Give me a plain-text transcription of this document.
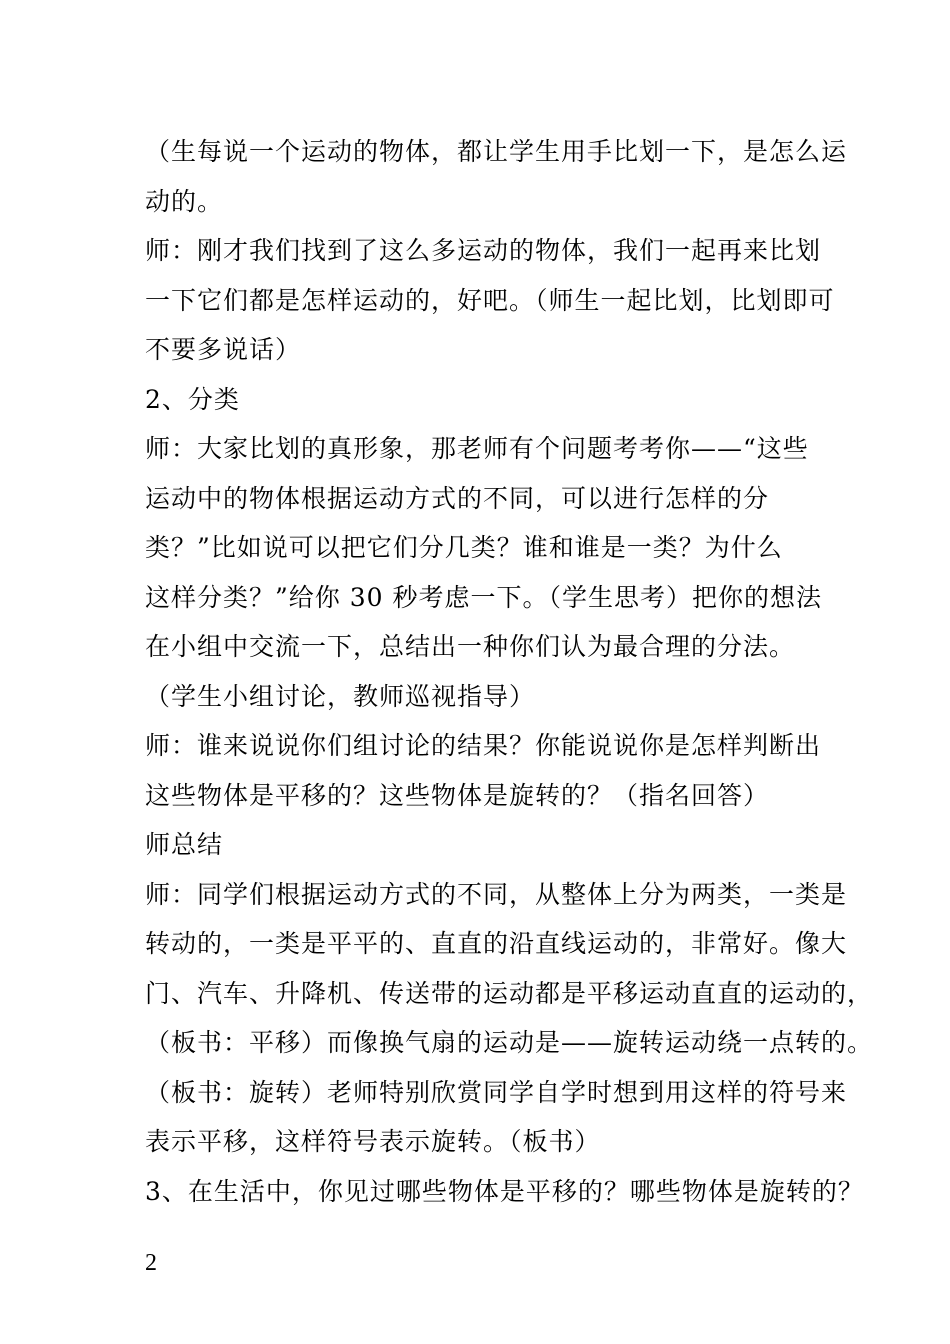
（生每说一个运动的物体，都让学生用手比划一下，是怎么运
动的。
师：刚才我们找到了这么多运动的物体，我们一起再来比划
一下它们都是怎样运动的，好吧。（师生一起比划，比划即可
不要多说话）
2、分类
师：大家比划的真形象，那老师有个问题考考你——“这些
运动中的物体根据运动方式的不同，可以进行怎样的分
类？”比如说可以把它们分几类？谁和谁是一类？为什么
这样分类？”给你 30 秒考虑一下。（学生思考）把你的想法
在小组中交流一下，总结出一种你们认为最合理的分法。
（学生小组讨论，教师巡视指导）
师：谁来说说你们组讨论的结果？你能说说你是怎样判断出
这些物体是平移的？这些物体是旋转的？（指名回答）
师总结
师：同学们根据运动方式的不同，从整体上分为两类，一类是
转动的，一类是平平的、直直的沿直线运动的，非常好。像大
门、汽车、升降机、传送带的运动都是平移运动直直的运动的，
（板书：平移）而像换气扇的运动是——旋转运动绕一点转的。
（板书：旋转）老师特别欣赏同学自学时想到用这样的符号来
表示平移，这样符号表示旋转。（板书）
3、在生活中，你见过哪些物体是平移的？哪些物体是旋转的？
2
